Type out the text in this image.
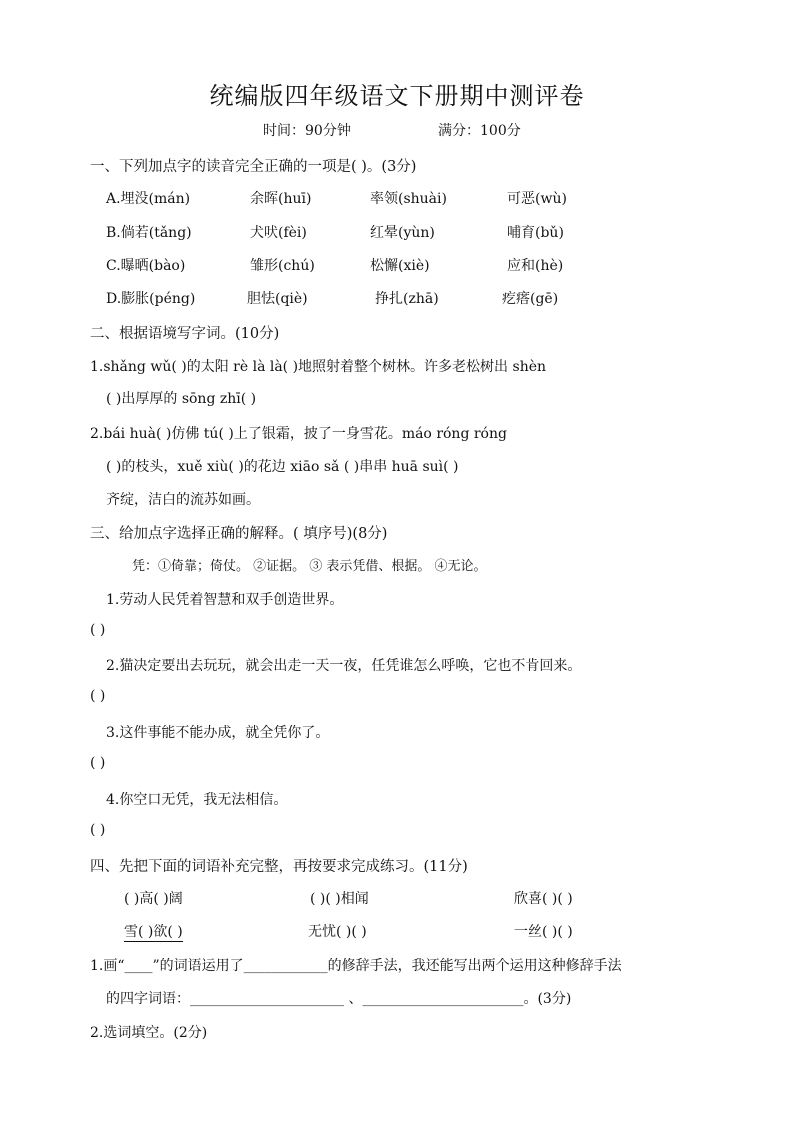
统编版四年级语文下册期中测评卷
时间：90分钟	满分：100分
一、下列加点字的读音完全正确的一项是( )。(3分)
A.埋没(mán)	余晖(huī)	率领(shuài)	可恶(wù)
B.倘若(tǎng)	犬吠(fèi)	红晕(yùn)	哺育(bǔ)
C.曝晒(bào)	雏形(chú)	松懈(xiè)	应和(hè)
D.膨胀(péng)	胆怯(qiè)	挣扎(zhā)	疙瘩(gē)
二、根据语境写字词。(10分)
1.shǎng wǔ( )的太阳 rè là là( )地照射着整个树林。许多老松树出 shèn
( )出厚厚的 sōng zhī( )
2.bái huà( )仿佛 tú( )上了银霜，披了一身雪花。máo róng róng
( )的枝头，xuě xiù( )的花边 xiāo sǎ ( )串串 huā suì( )
齐绽，洁白的流苏如画。
三、给加点字选择正确的解释。( 填序号)(8分)
凭：①倚靠；倚仗。 ②证据。 ③ 表示凭借、根据。 ④无论。
1.劳动人民凭着智慧和双手创造世界。
( )
2.猫决定要出去玩玩，就会出走一天一夜，任凭谁怎么呼唤，它也不肯回来。
( )
3.这件事能不能办成，就全凭你了。
( )
4.你空口无凭，我无法相信。
( )
四、先把下面的词语补充完整，再按要求完成练习。(11分)
( )高( )阔	( )( )相闻	欣喜( )( )
雪( )欲( )	无忧( )( )	一丝( )( )
1.画“____”的词语运用了____________的修辞手法，我还能写出两个运用这种修辞手法
的四字词语：______________________ 、_______________________。(3分)
2.选词填空。(2分)
